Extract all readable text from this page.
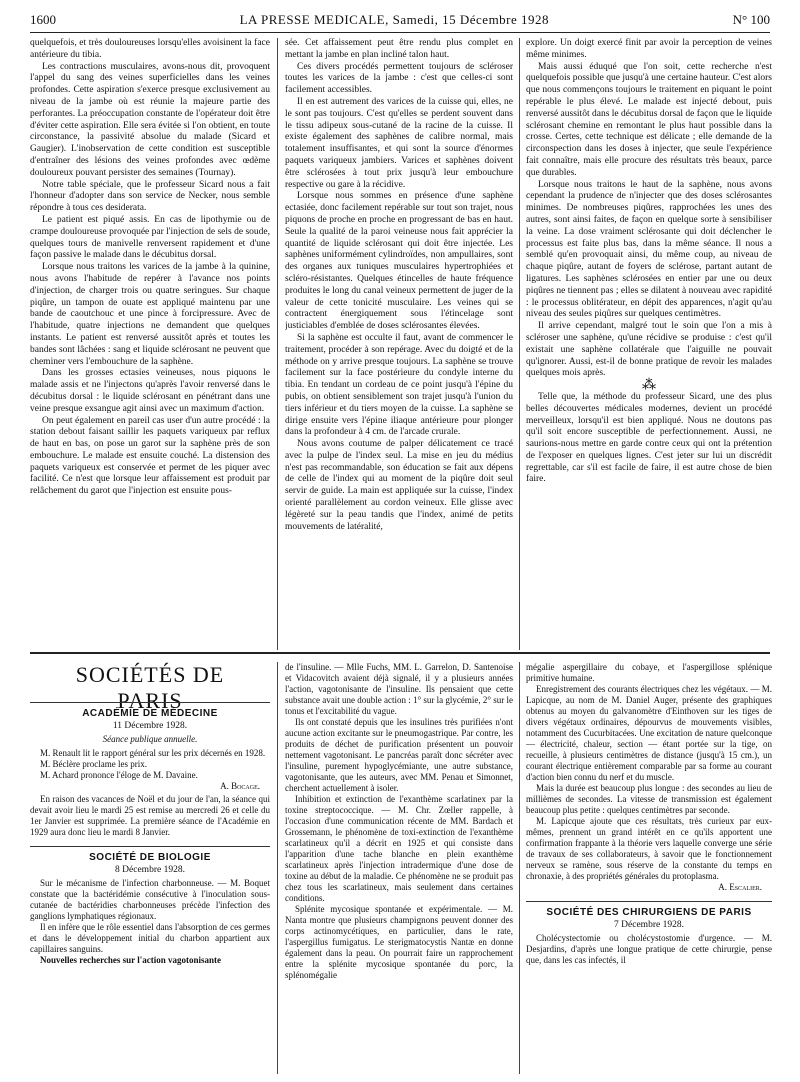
1600	LA PRESSE MEDICALE, Samedi, 15 Décembre 1928	N° 100

quelquefois, et très douloureuses lorsqu'elles avoisinent la face antérieure du tibia.

Les contractions musculaires, avons-nous dit, provoquent l'appel du sang des veines superficielles dans les veines profondes. Cette aspiration s'exerce presque exclusivement au niveau de la jambe où est réunie la majeure partie des perforantes. La préoccupation constante de l'opérateur doit être d'éviter cette aspiration. Elle sera évitée si l'on obtient, en toute circonstance, la passivité absolue du malade (Sicard et Gaugier). L'inobservation de cette condition est susceptible d'entraîner des lésions des veines profondes avec œdème douloureux pouvant persister des semaines (Tournay).

Notre table spéciale, que le professeur Sicard nous a fait l'honneur d'adopter dans son service de Necker, nous semble répondre à tous ces desiderata.

Le patient est piqué assis. En cas de lipothymie ou de crampe douloureuse provoquée par l'injection de sels de soude, quelques tours de manivelle renversent rapidement et d'une façon passive le malade dans le décubitus dorsal.

Lorsque nous traitons les varices de la jambe à la quinine, nous avons l'habitude de repérer à l'avance nos points d'injection, de charger trois ou quatre seringues. Sur chaque piqûre, un tampon de ouate est appliqué maintenu par une bande de caoutchouc et une pince à forcipressure. Avec de l'habitude, quatre injections ne demandent que quelques instants. Le patient est renversé aussitôt après et toutes les bandes sont lâchées : sang et liquide sclérosant ne peuvent que cheminer vers l'embouchure de la saphène.

Dans les grosses ectasies veineuses, nous piquons le malade assis et ne l'injectons qu'après l'avoir renversé dans le décubitus dorsal : le liquide sclérosant en pénétrant dans une veine presque exsangue agit ainsi avec un maximum d'action.

On peut également en pareil cas user d'un autre procédé : la station debout faisant saillir les paquets variqueux par reflux de haut en bas, on pose un garot sur la saphène près de son embouchure. Le malade est ensuite couché. La distension des paquets variqueux est conservée et permet de les piquer avec facilité. Ce n'est que lorsque leur affaissement est produit par relâchement du garot que l'injection est ensuite pous-

sée. Cet affaissement peut être rendu plus complet en mettant la jambe en plan incliné talon haut.

Ces divers procédés permettent toujours de scléroser toutes les varices de la jambe : c'est que celles-ci sont facilement accessibles.

Il en est autrement des varices de la cuisse qui, elles, ne le sont pas toujours. C'est qu'elles se perdent souvent dans le tissu adipeux sous-cutané de la racine de la cuisse. Il existe également des saphènes de calibre normal, mais totalement insuffisantes, et qui sont la source d'énormes paquets variqueux jambiers. Varices et saphènes doivent être sclérosées à tout prix jusqu'à leur embouchure respective ou gare à la récidive.

Lorsque nous sommes en présence d'une saphène ectasiée, donc facilement repérable sur tout son trajet, nous piquons de proche en proche en progressant de bas en haut. Seule la qualité de la paroi veineuse nous fait apprécier la quantité de liquide sclérosant qui doit être injectée. Les saphènes uniformément cylindroïdes, non ampullaires, sont des organes aux tuniques musculaires hypertrophiées et scléro-résistantes. Quelques étincelles de haute fréquence produites le long du canal veineux permettent de juger de la valeur de cette tonicité musculaire. Les veines qui se contractent énergiquement sous l'étincelage sont justiciables d'emblée de doses sclérosantes élevées.

Si la saphène est occulte il faut, avant de commencer le traitement, procéder à son repérage. Avec du doigté et de la méthode on y arrive presque toujours. La saphène se trouve facilement sur la face postérieure du condyle interne du tibia. En tendant un cordeau de ce point jusqu'à l'épine du pubis, on obtient sensiblement son trajet jusqu'à l'union du tiers inférieur et du tiers moyen de la cuisse. La saphène se dirige ensuite vers l'épine iliaque antérieure pour plonger dans la profondeur à 4 cm. de l'arcade crurale.

Nous avons coutume de palper délicatement ce tracé avec la pulpe de l'index seul. La mise en jeu du médius n'est pas recommandable, son éducation se fait aux dépens de celle de l'index qui au moment de la piqûre doit seul servir de guide. La main est appliquée sur la cuisse, l'index orienté parallèlement au cordon veineux. Elle glisse avec légèreté sur la peau tandis que l'index, animé de petits mouvements de latéralité,

explore. Un doigt exercé finit par avoir la perception de veines même minimes.

Mais aussi éduqué que l'on soit, cette recherche n'est quelquefois possible que jusqu'à une certaine hauteur. C'est alors que nous commençons toujours le traitement en piquant le point repérable le plus élevé. Le malade est injecté debout, puis renversé aussitôt dans le décubitus dorsal de façon que le liquide sclérosant chemine en remontant le plus haut possible dans la crosse. Certes, cette technique est délicate ; elle demande de la circonspection dans les doses à injecter, que seule l'expérience fait connaître, mais elle procure des résultats très beaux, parce que durables.

Lorsque nous traitons le haut de la saphène, nous avons cependant la prudence de n'injecter que des doses sclérosantes minimes. De nombreuses piqûres, rapprochées les unes des autres, sont ainsi faites, de façon en quelque sorte à sensibiliser la veine. La dose vraiment sclérosante qui doit déclencher le processus est faite plus bas, dans la même séance. Il nous a semblé qu'en provoquait ainsi, du même coup, au niveau de chaque piqûre, autant de foyers de sclérose, partant autant de ligatures. Les saphènes sclérosées en entier par une ou deux piqûres ne tiennent pas ; elles se dilatent à nouveau avec rapidité : le processus oblitérateur, en dépit des apparences, n'agit qu'au niveau des seules piqûres sur quelques centimètres.

Il arrive cependant, malgré tout le soin que l'on a mis à scléroser une saphène, qu'une récidive se produise : c'est qu'il existait une saphène collatérale que l'aiguille ne pouvait qu'ignorer. Aussi, est-il de bonne pratique de revoir les malades quelques mois après.

⁂

Telle que, la méthode du professeur Sicard, une des plus belles découvertes médicales modernes, devient un procédé merveilleux, lorsqu'il est bien appliqué. Nous ne doutons pas qu'il soit encore susceptible de perfectionnement. Aussi, ne saurions-nous mettre en garde contre ceux qui ont la prétention de l'exposer en quelques lignes. C'est jeter sur lui un discrédit regrettable, car s'il est facile de faire, il est autre chose de bien faire.

SOCIÉTÉS DE PARIS
ACADÉMIE DE MÉDECINE
11 Décembre 1928.
Séance publique annuelle.

M. Renault lit le rapport général sur les prix décernés en 1928.

M. Béclère proclame les prix.

M. Achard prononce l'éloge de M. Davaine.

A. Bocage.

En raison des vacances de Noël et du jour de l'an, la séance qui devait avoir lieu le mardi 25 est remise au mercredi 26 et celle du 1er Janvier est supprimée. La première séance de l'Académie en 1929 aura donc lieu le mardi 8 Janvier.

SOCIÉTÉ DE BIOLOGIE
8 Décembre 1928.

Sur le mécanisme de l'infection charbonneuse. — M. Boquet constate que la bactéridémie consécutive à l'inoculation sous-cutanée de bactéridies charbonneuses précède l'infection des ganglions lymphatiques régionaux.

Il en infère que le rôle essentiel dans l'absorption de ces germes et dans le développement initial du charbon appartient aux capillaires sanguins.

Nouvelles recherches sur l'action vagotonisante

de l'insuline. — Mlle Fuchs, MM. L. Garrelon, D. Santenoise et Vidacovitch avaient déjà signalé, il y a plusieurs années l'action, vagotonisante de l'insuline. Ils pensaient que cette substance avait une double action : 1° sur la glycémie, 2° sur le tonus et l'excitabilité du vague.

Ils ont constaté depuis que les insulines très purifiées n'ont aucune action excitante sur le pneumogastrique. Par contre, les produits de déchet de purification présentent un pouvoir nettement vagotonisant. Le pancréas paraît donc sécréter avec l'insuline, purement hypoglycémiante, une autre substance, vagotonisante, que les auteurs, avec MM. Penau et Simonnet, cherchent actuellement à isoler.

Inhibition et extinction de l'exanthème scarlatinex par la toxine streptococcique. — M. Chr. Zœller rappelle, à l'occasion d'une communication récente de MM. Bardach et Grossemann, le phénomène de toxi-extinction de l'exanthème scarlatineux qu'il a décrit en 1925 et qui consiste dans l'apparition d'une tache blanche en plein exanthème scarlatineux après l'injection intradermique d'une dose de toxine au début de la maladie. Ce phénomène ne se produit pas chez tous les scarlatineux, mais seulement dans certaines conditions.

Splénite mycosique spontanée et expérimentale. — M. Nanta montre que plusieurs champignons peuvent donner des corps actinomycétiques, en particulier, dans le rate, l'aspergillus fumigatus. Le sterigmatocystis Nantæ en donne également dans la peau. On pourrait faire un rapprochement entre la splénite mycosique spontanée du porc, la splénomégalie

mégalie aspergillaire du cobaye, et l'aspergillose splénique primitive humaine.

Enregistrement des courants électriques chez les végétaux. — M. Lapicque, au nom de M. Daniel Auger, présente des graphiques obtenus au moyen du galvanomètre d'Einthoven sur les tiges de divers végétaux ordinaires, dépourvus de mouvements visibles, notamment des Cucurbitacées. Une excitation de nature quelconque — électricité, chaleur, section — étant portée sur la tige, on recueille, à plusieurs centimètres de distance (jusqu'à 15 cm.), un courant électrique entièrement comparable par sa forme au courant d'action bien connu du nerf et du muscle.

Mais la durée est beaucoup plus longue : des secondes au lieu de millièmes de secondes. La vitesse de transmission est également beaucoup plus petite : quelques centimètres par seconde.

M. Lapicque ajoute que ces résultats, très curieux par eux-mêmes, prennent un grand intérêt en ce qu'ils apportent une confirmation frappante à la théorie vers laquelle converge une série de travaux de ses collaborateurs, à savoir que le fonctionnement nerveux se ramène, sous réserve de la constante du temps en chronaxie, à des propriétés générales du protoplasma.

A. Escalier.
SOCIÉTÉ DES CHIRURGIENS DE PARIS
7 Décembre 1928.

Cholécystectomie ou cholécystostomie d'urgence. — M. Desjardins, d'après une longue pratique de cette chirurgie, pense que, dans les cas infectés, il
